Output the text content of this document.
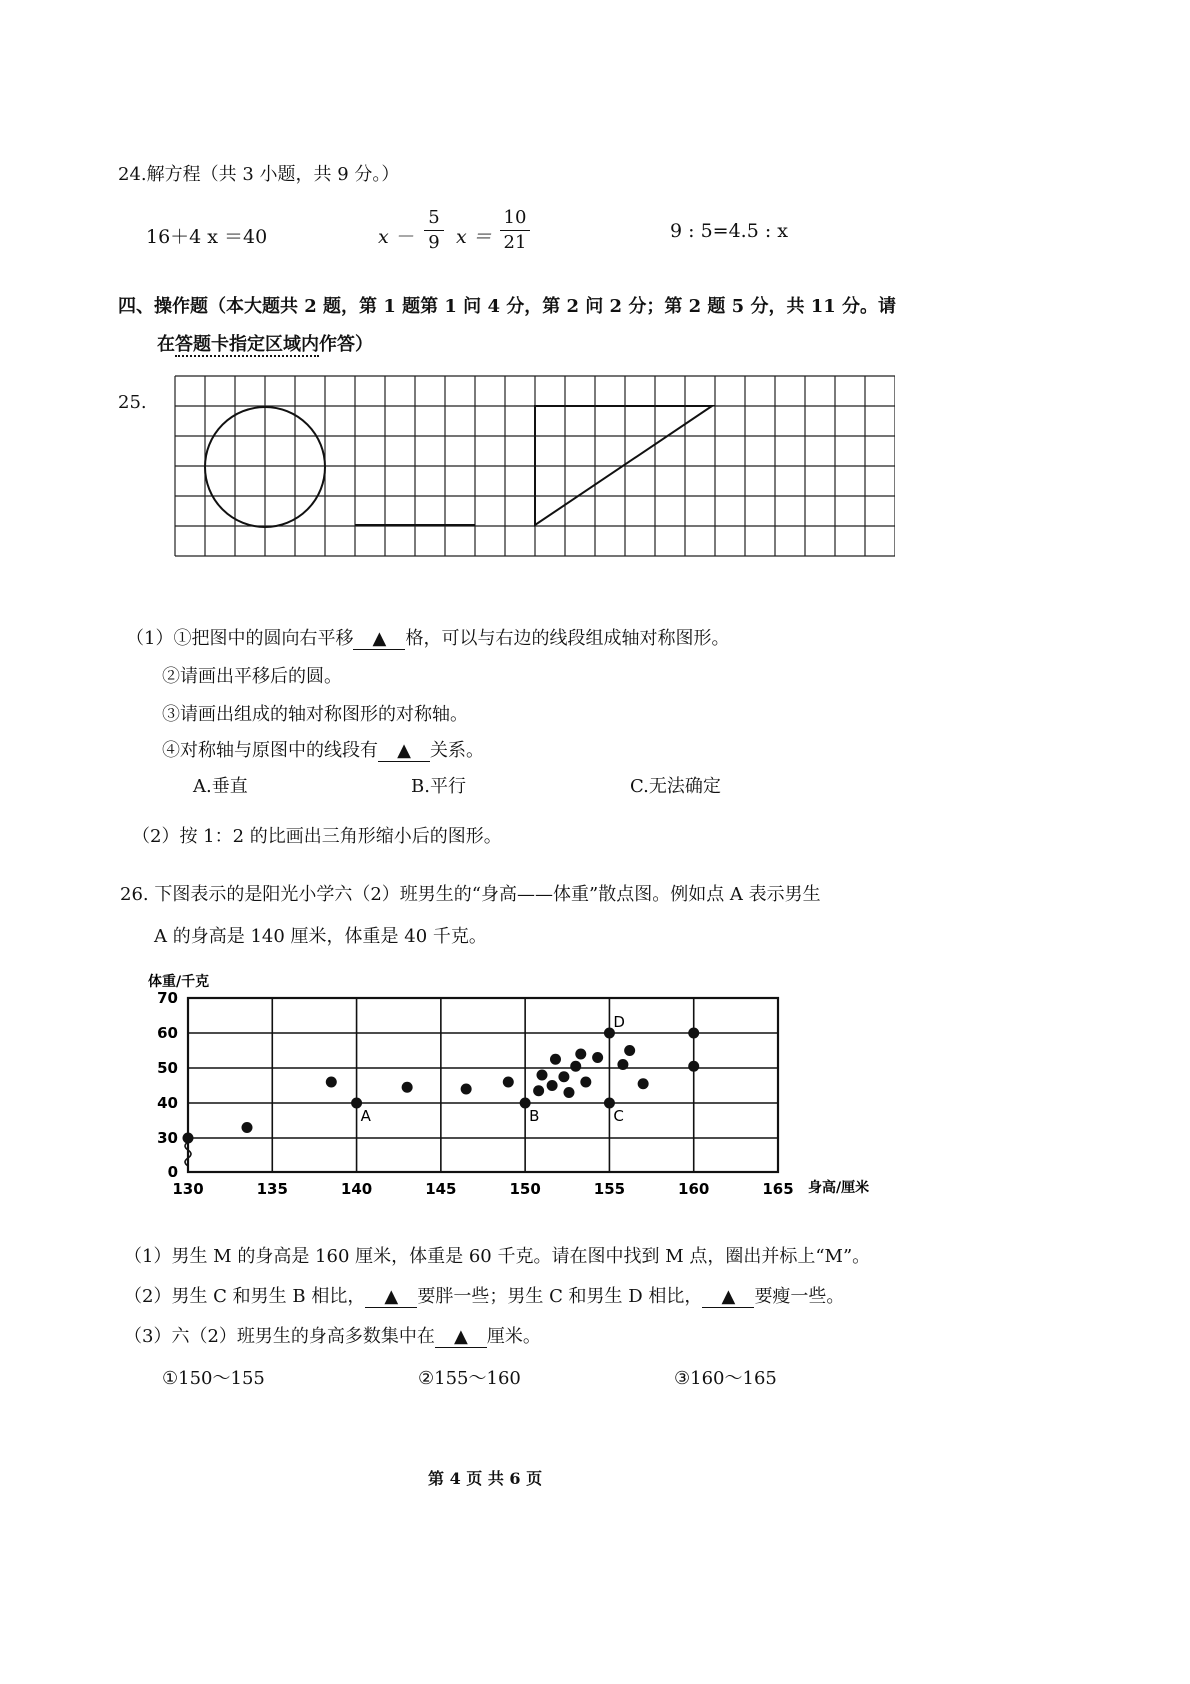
24.解方程（共 3 小题，共 9 分。）
16＋4 x ＝40	x －
5
9 x ＝
10
21
9 : 5=4.5 : x
四、操作题（本大题共 2 题，第 1 题第 1 问 4 分，第 2 问 2 分；第 2 题 5 分，共 11 分。请
在答题卡指定区域内作答）
25.
（1）①把图中的圆向右平移 ▲ 格，可以与右边的线段组成轴对称图形。
②请画出平移后的圆。
③请画出组成的轴对称图形的对称轴。
④对称轴与原图中的线段有 ▲ 关系。
A.垂直	B.平行	C.无法确定
（2）按 1：2 的比画出三角形缩小后的图形。
26. 下图表示的是阳光小学六（2）班男生的“身高——体重”散点图。例如点 A 表示男生
A 的身高是 140 厘米，体重是 40 千克。
体重/千克
身高/厘米
130	135	140	145	150	155	160	165
0
30
40
50
60
70
A	B	C
D
（1）男生 M 的身高是 160 厘米，体重是 60 千克。请在图中找到 M 点，圈出并标上“M”。
（2）男生 C 和男生 B 相比， ▲ 要胖一些；男生 C 和男生 D 相比， ▲ 要瘦一些。
（3）六（2）班男生的身高多数集中在 ▲ 厘米。
①150～155	②155～160	③160～165
第 4 页 共 6 页
